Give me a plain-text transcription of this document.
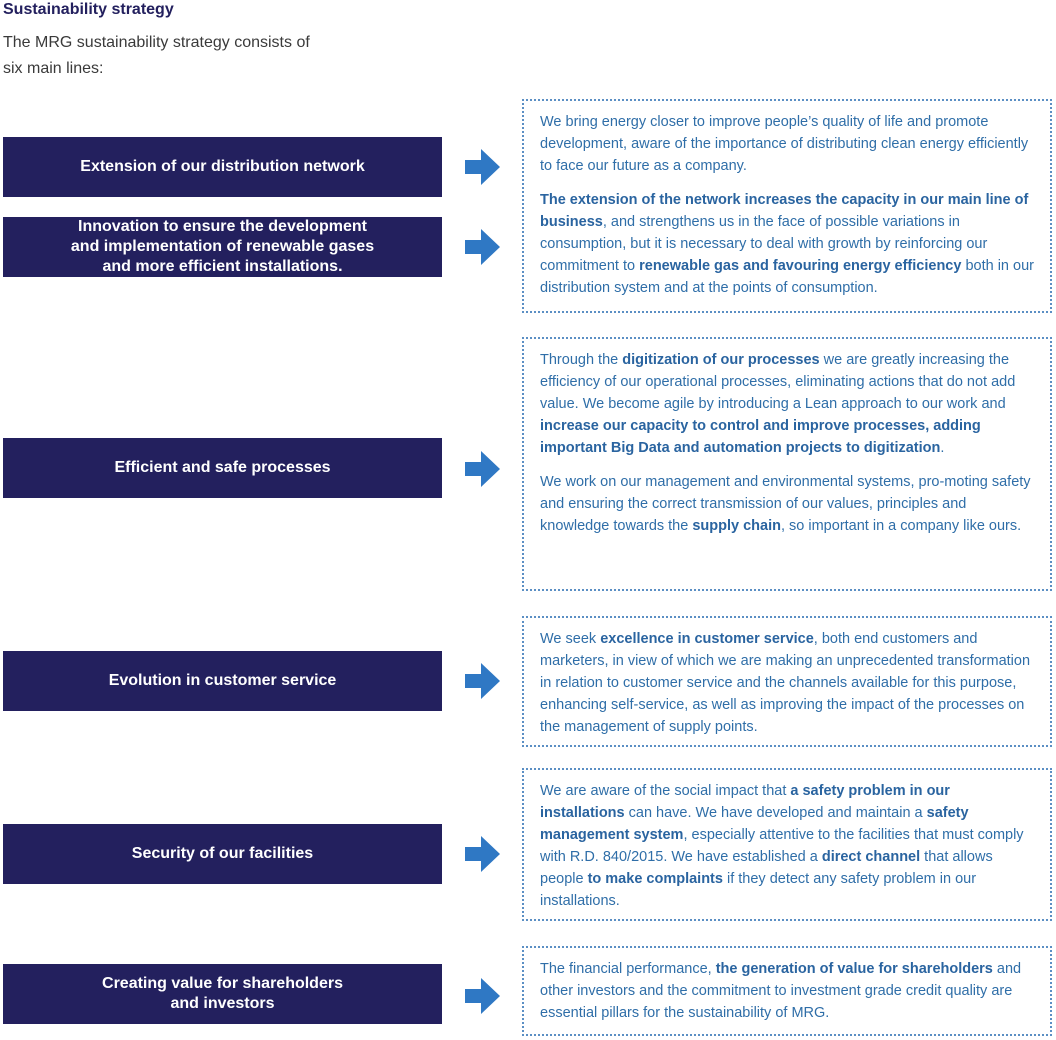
Sustainability strategy

The MRG sustainability strategy consists of six main lines:

Extension of our distribution network
Innovation to ensure the development
and implementation of renewable gases
and more efficient installations.
Efficient and safe processes
Evolution in customer service
Security of our facilities
Creating value for shareholders
and investors

We bring energy closer to improve people’s quality of life and promote development, aware of the importance of distributing clean energy efficiently to face our future as a company.

The extension of the network increases the capacity in our main line of business, and strengthens us in the face of possible variations in consumption, but it is necessary to deal with growth by reinforcing our commitment to renewable gas and favouring energy efficiency both in our distribution system and at the points of consumption.

Through the digitization of our processes we are greatly increasing the efficiency of our operational processes, eliminating actions that do not add value. We become agile by introducing a Lean approach to our work and increase our capacity to control and improve processes, adding important Big Data and automation projects to digitization.

We work on our management and environmental systems, pro-moting safety and ensuring the correct transmission of our values, principles and knowledge towards the supply chain, so important in a company like ours.

We seek excellence in customer service, both end customers and marketers, in view of which we are making an unprecedented transformation in relation to customer service and the channels available for this purpose, enhancing self-service, as well as improving the impact of the processes on the management of supply points.

We are aware of the social impact that a safety problem in our installations can have. We have developed and maintain a safety management system, especially attentive to the facilities that must comply with R.D. 840/2015. We have established a direct channel that allows people to make complaints if they detect any safety problem in our installations.

The financial performance, the generation of value for shareholders and other investors and the commitment to investment grade credit quality are essential pillars for the sustainability of MRG.
